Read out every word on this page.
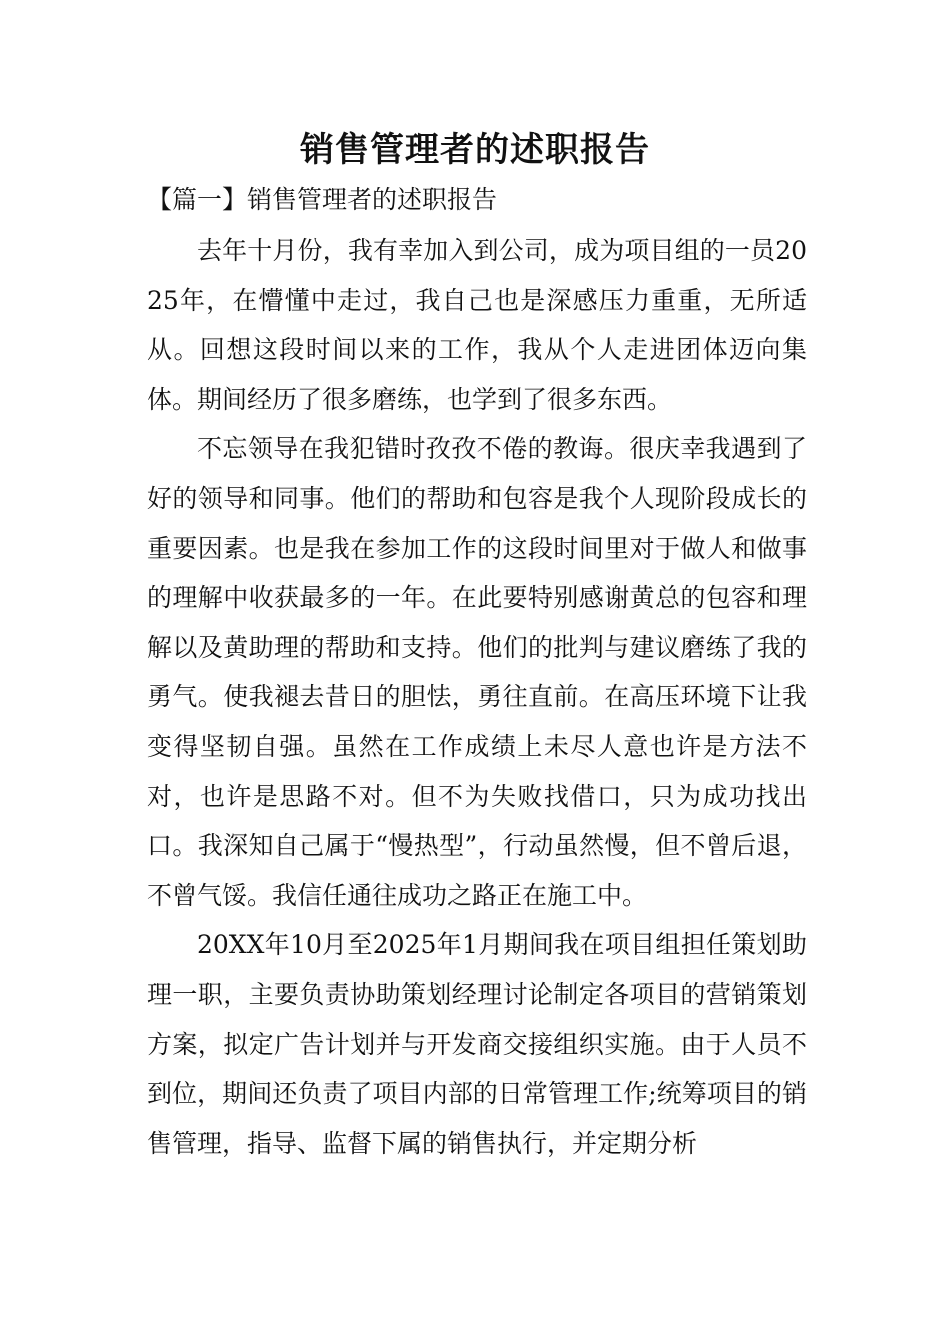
销售管理者的述职报告
【篇一】销售管理者的述职报告

去年十月份，我有幸加入到公司，成为项目组的一员2025年，在懵懂中走过，我自己也是深感压力重重，无所适从。回想这段时间以来的工作，我从个人走进团体迈向集体。期间经历了很多磨练，也学到了很多东西。

不忘领导在我犯错时孜孜不倦的教诲。很庆幸我遇到了好的领导和同事。他们的帮助和包容是我个人现阶段成长的重要因素。也是我在参加工作的这段时间里对于做人和做事的理解中收获最多的一年。在此要特别感谢黄总的包容和理解以及黄助理的帮助和支持。他们的批判与建议磨练了我的勇气。使我褪去昔日的胆怯，勇往直前。在高压环境下让我变得坚韧自强。虽然在工作成绩上未尽人意也许是方法不对，也许是思路不对。但不为失败找借口，只为成功找出口。我深知自己属于“慢热型”，行动虽然慢，但不曾后退，不曾气馁。我信任通往成功之路正在施工中。

20XX年10月至2025年1月期间我在项目组担任策划助理一职，主要负责协助策划经理讨论制定各项目的营销策划方案，拟定广告计划并与开发商交接组织实施。由于人员不到位，期间还负责了项目内部的日常管理工作;统筹项目的销售管理，指导、监督下属的销售执行，并定期分析
